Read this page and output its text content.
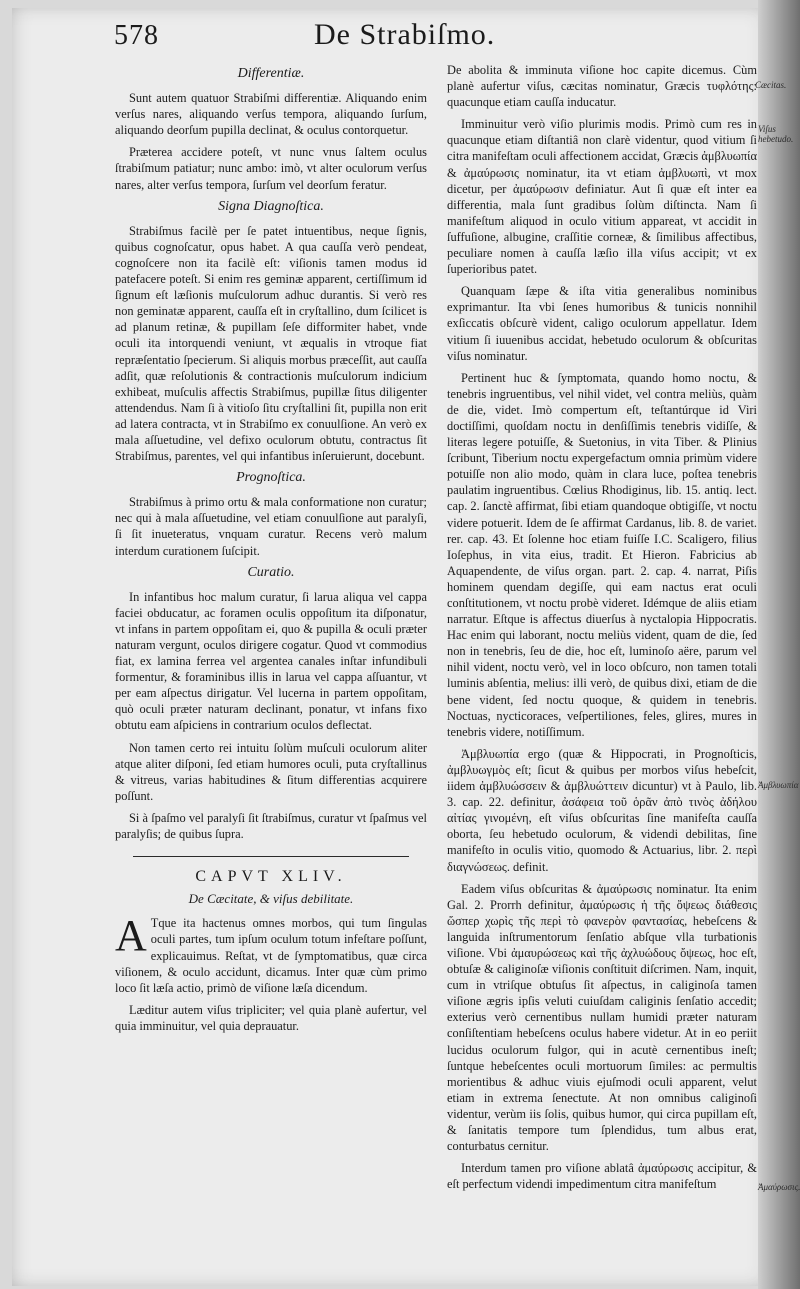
578	De Strabiſmo.
Differentiæ.

Sunt autem quatuor Strabiſmi differentiæ. Aliquando enim verſus nares, aliquando verſus tempora, aliquando ſurſum, aliquando deorſum pupilla declinat, & oculus contorquetur.

Præterea accidere poteſt, vt nunc vnus ſaltem oculus ſtrabiſmum patiatur; nunc ambo: imò, vt alter oculorum verſus nares, alter verſus tempora, ſurſum vel deorſum feratur.

Signa Diagnoſtica.

Strabiſmus facilè per ſe patet intuentibus, neque ſignis, quibus cognoſcatur, opus habet. A qua cauſſa verò pendeat, cognoſcere non ita facilè eſt: viſionis tamen modus id patefacere poteſt. Si enim res geminæ apparent, certiſſimum id ſignum eſt læſionis muſculorum adhuc durantis. Si verò res non geminatæ apparent, cauſſa eſt in cryſtallino, dum ſcilicet is ad planum retinæ, & pupillam ſeſe difformiter habet, vnde oculi ita intorquendi veniunt, vt æqualis in vtroque fiat repræſentatio ſpecierum. Si aliquis morbus præceſſit, aut cauſſa adſit, quæ reſolutionis & contractionis muſculorum indicium exhibeat, muſculis affectis Strabiſmus, pupillæ ſitus diligenter attendendus. Nam ſi à vitioſo ſitu cryſtallini ſit, pupilla non erit ad latera contracta, vt in Strabiſmo ex conuulſione. An verò ex mala aſſuetudine, vel defixo oculorum obtutu, contractus ſit Strabiſmus, parentes, vel qui infantibus inſeruierunt, docebunt.

Prognoſtica.

Strabiſmus à primo ortu & mala conformatione non curatur; nec qui à mala aſſuetudine, vel etiam conuulſione aut paralyſi, ſi ſit inueteratus, vnquam curatur. Recens verò malum interdum curationem ſuſcipit.

Curatio.

In infantibus hoc malum curatur, ſi larua aliqua vel cappa faciei obducatur, ac foramen oculis oppoſitum ita diſponatur, vt infans in partem oppoſitam ei, quo & pupilla & oculi præter naturam vergunt, oculos dirigere cogatur. Quod vt commodius fiat, ex lamina ferrea vel argentea canales inſtar infundibuli formentur, & foraminibus illis in larua vel cappa aſſuantur, vt per eam aſpectus dirigatur. Vel lucerna in partem oppoſitam, quò oculi præter naturam declinant, ponatur, vt infans fixo obtutu eam aſpiciens in contrarium oculos deflectat.

Non tamen certo rei intuitu ſolùm muſculi oculorum aliter atque aliter diſponi, ſed etiam humores oculi, puta cryſtallinus & vitreus, varias habitudines & ſitum differentias acquirere poſſunt.

Si à ſpaſmo vel paralyſi ſit ſtrabiſmus, curatur vt ſpaſmus vel paralyſis; de quibus ſupra.

CAPVT XLIV.
De Cæcitate, & viſus debilitate.

A Tque ita hactenus omnes morbos, qui tum ſingulas oculi partes, tum ipſum oculum totum infeſtare poſſunt, explicauimus. Reſtat, vt de ſymptomatibus, quæ circa viſionem, & oculo accidunt, dicamus. Inter quæ cùm primo loco ſit læſa actio, primò de viſione læſa dicendum.

Læditur autem viſus tripliciter; vel quia planè aufertur, vel quia imminuitur, vel quia deprauatur.

De abolita & imminuta viſione hoc capite dicemus. Cùm planè aufertur viſus, cæcitas nominatur, Græcis τυφλότης: quacunque etiam cauſſa inducatur.

Imminuitur verò viſio plurimis modis. Primò cum res in quacunque etiam diſtantiâ non clarè videntur, quod vitium ſi citra manifeſtam oculi affectionem accidat, Græcis ἀμβλυωπία & ἀμαύρωσις nominatur, ita vt etiam ἀμβλυωπὶ, vt mox dicetur, per ἀμαύρωσιν definiatur. Aut ſi quæ eſt inter ea differentia, mala ſunt gradibus ſolùm diſtincta. Nam ſi manifeſtum aliquod in oculo vitium appareat, vt accidit in ſuffuſione, albugine, craſſitie corneæ, & ſimilibus affectibus, peculiare nomen à cauſſa læſio illa viſus accipit; vt ex ſuperioribus patet.

Quanquam ſæpe & iſta vitia generalibus nominibus exprimantur. Ita vbi ſenes humoribus & tunicis nonnihil exſiccatis obſcurè vident, caligo oculorum appellatur. Idem vitium ſi iuuenibus accidat, hebetudo oculorum & obſcuritas viſus nominatur.

Pertinent huc & ſymptomata, quando homo noctu, & tenebris ingruentibus, vel nihil videt, vel contra meliùs, quàm de die, videt. Imò compertum eſt, teſtantúrque id Viri doctiſſimi, quoſdam noctu in denſiſſimis tenebris vidiſſe, & literas legere potuiſſe, & Suetonius, in vita Tiber. & Plinius ſcribunt, Tiberium noctu expergefactum omnia primùm videre potuiſſe non alio modo, quàm in clara luce, poſtea tenebris paulatim ingruentibus. Cœlius Rhodiginus, lib. 15. antiq. lect. cap. 2. ſanctè affirmat, ſibi etiam quandoque obtigiſſe, vt noctu videre potuerit. Idem de ſe affirmat Cardanus, lib. 8. de variet. rer. cap. 43. Et ſolenne hoc etiam fuiſſe I.C. Scaligero, filius Ioſephus, in vita eius, tradit. Et Hieron. Fabricius ab Aquapendente, de viſus organ. part. 2. cap. 4. narrat, Piſis hominem quendam degiſſe, qui eam nactus erat oculi conſtitutionem, vt noctu probè videret. Idémque de aliis etiam narratur. Eſtque is affectus diuerſus à nyctalopia Hippocratis. Hac enim qui laborant, noctu meliùs vident, quam de die, ſed non in tenebris, ſeu de die, hoc eſt, luminoſo aëre, parum vel nihil vident, noctu verò, vel in loco obſcuro, non tamen totali luminis abſentia, melius: illi verò, de quibus dixi, etiam de die bene vident, ſed noctu quoque, & quidem in tenebris. Noctuas, nycticoraces, veſpertiliones, feles, glires, mures in tenebris videre, notiſſimum.

Ἀμβλυωπία ergo (quæ & Hippocrati, in Prognoſticis, ἀμβλυωγμὸς eſt; ſicut & quibus per morbos viſus hebeſcit, iidem ἀμβλυώσσειν & ἀμβλυώττειν dicuntur) vt à Paulo, lib. 3. cap. 22. definitur, ἀσάφεια τοῦ ὁρᾶν ἀπὸ τινὸς ἀδήλου αἰτίας γινομένη, eſt viſus obſcuritas ſine manifeſta cauſſa oborta, ſeu hebetudo oculorum, & videndi debilitas, ſine manifeſto in oculis vitio, quomodo & Actuarius, libr. 2. περὶ διαγνώσεως. definit.

Eadem viſus obſcuritas & ἀμαύρωσις nominatur. Ita enim Gal. 2. Prorrh definitur, ἀμαύρωσις ἡ τῆς ὄψεως διάθεσις ὥσπερ χωρὶς τῆς περὶ τὸ φανερὸν φαντασίας, hebeſcens & languida inſtrumentorum ſenſatio abſque vlla turbationis viſione. Vbi ἀμαυρώσεως καὶ τῆς ἀχλυώδους ὄψεως, hoc eſt, obtuſæ & caliginoſæ viſionis conſtituit diſcrimen. Nam, inquit, cum in vtriſque obtuſus ſit aſpectus, in caliginoſa tamen viſione ægris ipſis veluti cuiuſdam caliginis ſenſatio accedit; exterius verò cernentibus nullam humidi præter naturam conſiſtentiam hebeſcens oculus habere videtur. At in eo periit lucidus oculorum fulgor, qui in acutè cernentibus ineſt; ſuntque hebeſcentes oculi mortuorum ſimiles: ac permultis morientibus & adhuc viuis ejuſmodi oculi apparent, velut etiam in extrema ſenectute. At non omnibus caliginoſi videntur, verùm iis ſolis, quibus humor, qui circa pupillam eſt, & ſanitatis tempore tum ſplendidus, tum albus erat, conturbatus cernitur.

Interdum tamen pro viſione ablatâ ἀμαύρωσις accipitur, & eſt perfectum videndi impedimentum citra manifeſtum

Cæcitas.
Viſus hebetudo.
Ἀμβλυωπία
Ἀμαύρωσις.
